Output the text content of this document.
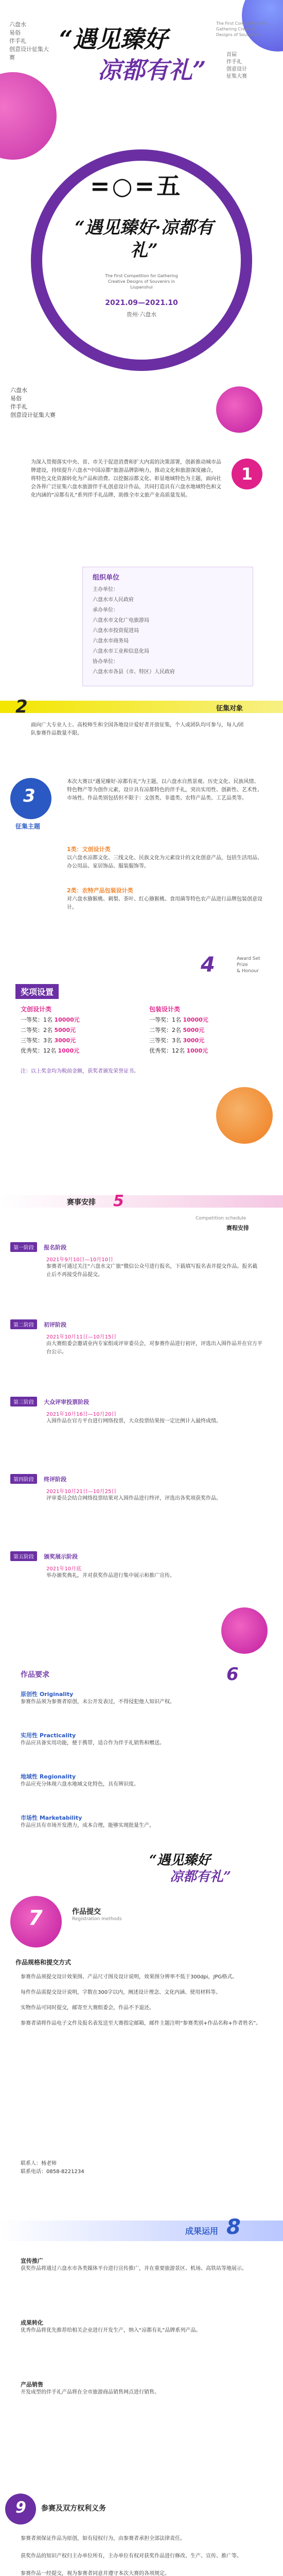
六盘水
易俗
伴手礼
创意设计征集大赛
“遇见臻好
凉都有礼”
The First Competition for Gathering Creative Designs of Souvenirs
首届
伴手礼
创意设计
征集大赛
=○=五
“遇见臻好·凉都有礼”
The First Competition for Gathering Creative Designs of Souvenirs in Liupanshui
2021.09—2021.10
贵州·六盘水
六盘水
易俗
伴手礼
创意设计征集大赛
1
为深入贯彻落实中央、省、市关于促进消费和扩大内需的决策部署，创新推动城市品牌建设，持续提升六盘水“中国凉都”旅游品牌影响力，推动文化和旅游深度融合，将特色文化资源转化为产品和消费。以挖掘凉都文化、彰显地域特色为主题，面向社会各界广泛征集六盘水旅游伴手礼创意设计作品，共同打造具有六盘水地域特色和文化内涵的“凉都有礼”系列伴手礼品牌，助推全市文旅产业高质量发展。
组织单位
主办单位：
六盘水市人民政府
承办单位：
六盘水市文化广电旅游局
六盘水市投资促进局
六盘水市商务局
六盘水市工业和信息化局
协办单位：
六盘水市各县（市、特区）人民政府
2	征集对象
面向广大专业人士、高校师生和全国各地设计爱好者开放征集，个人或团队均可参与，每人/团队参赛作品数量不限。
3
征集主题
本次大赛以“遇见臻好·凉都有礼”为主题，以六盘水自然景观、历史文化、民族风情、特色物产等为创作元素，设计具有凉都特色的伴手礼，突出实用性、创新性、艺术性、市场性。作品类别包括但不限于：文创类、非遗类、农特产品类、工艺品类等。
1类：文创设计类
以六盘水凉都文化、三线文化、民族文化为元素设计的文化创意产品，包括生活用品、办公用品、家居饰品、服装服饰等。
2类：农特产品包装设计类
对六盘水猕猴桃、刺梨、茶叶、红心猕猴桃、食用菌等特色农产品进行品牌包装创意设计。
4	Award Set
Prize
& Honour
奖项设置
文创设计类
一等奖：1名 10000元
二等奖：2名 5000元
三等奖：3名 3000元
优秀奖：12名 1000元
包装设计类
一等奖：1名 10000元
二等奖：2名 5000元
三等奖：3名 3000元
优秀奖：12名 1000元
注：以上奖金均为税前金额，获奖者颁发荣誉证书。
赛事安排 5
Competition schedule
赛程安排
第一阶段 报名阶段
2021年9月10日—10月10日
参赛者可通过关注“六盘水文广旅”微信公众号进行报名，下载填写报名表并提交作品。报名截止后不再接受作品提交。
第二阶段 初评阶段
2021年10月11日—10月15日
由大赛组委会邀请业内专家组成评审委员会，对参赛作品进行初评，评选出入围作品并在官方平台公示。
第三阶段 大众评审投票阶段
2021年10月16日—10月20日
入围作品在官方平台进行网络投票，大众投票结果按一定比例计入最终成绩。
第四阶段 终评阶段
2021年10月21日—10月25日
评审委员会结合网络投票结果对入围作品进行终评，评选出各奖项获奖作品。
第五阶段 颁奖展示阶段
2021年10月底
举办颁奖典礼，并对获奖作品进行集中展示和推广宣传。
6
作品要求
原创性 Originality
参赛作品须为参赛者原创，未公开发表过，不得侵犯他人知识产权。
实用性 Practicality
作品应具备实用功能，便于携带，适合作为伴手礼销售和赠送。
地域性 Regionality
作品应充分体现六盘水地域文化特色，具有辨识度。
市场性 Marketability
作品应具有市场开发潜力，成本合理，能够实现批量生产。
“遇见臻好
凉都有礼”
7	作品提交
Registration methods
作品规格和提交方式
参赛作品须提交设计效果图、产品尺寸图及设计说明，效果图分辨率不低于300dpi，JPG格式。
每件作品需提交设计说明，字数在300字以内，阐述设计理念、文化内涵、使用材料等。
实物作品可同时提交，邮寄至大赛组委会，作品不予退还。
参赛者请将作品电子文件及报名表发送至大赛指定邮箱，邮件主题注明“参赛类别+作品名称+作者姓名”。
联系人：杨老师
联系电话：0858-8221234
8
成果运用
宣传推广
获奖作品将通过六盘水市各类媒体平台进行宣传推广，并在重要旅游景区、机场、高铁站等地展示。
成果转化
优秀作品将优先推荐给相关企业进行开发生产，纳入“凉都有礼”品牌系列产品。
产品销售
开发成型的伴手礼产品将在全市旅游商品销售网点进行销售。
9 参赛及双方权利义务
参赛者须保证作品为原创，如有侵权行为，由参赛者承担全部法律责任。
获奖作品的知识产权归主办单位所有，主办单位有权对获奖作品进行修改、生产、宣传、推广等。
参赛作品一经提交，视为参赛者同意并遵守本次大赛的各项规定。
